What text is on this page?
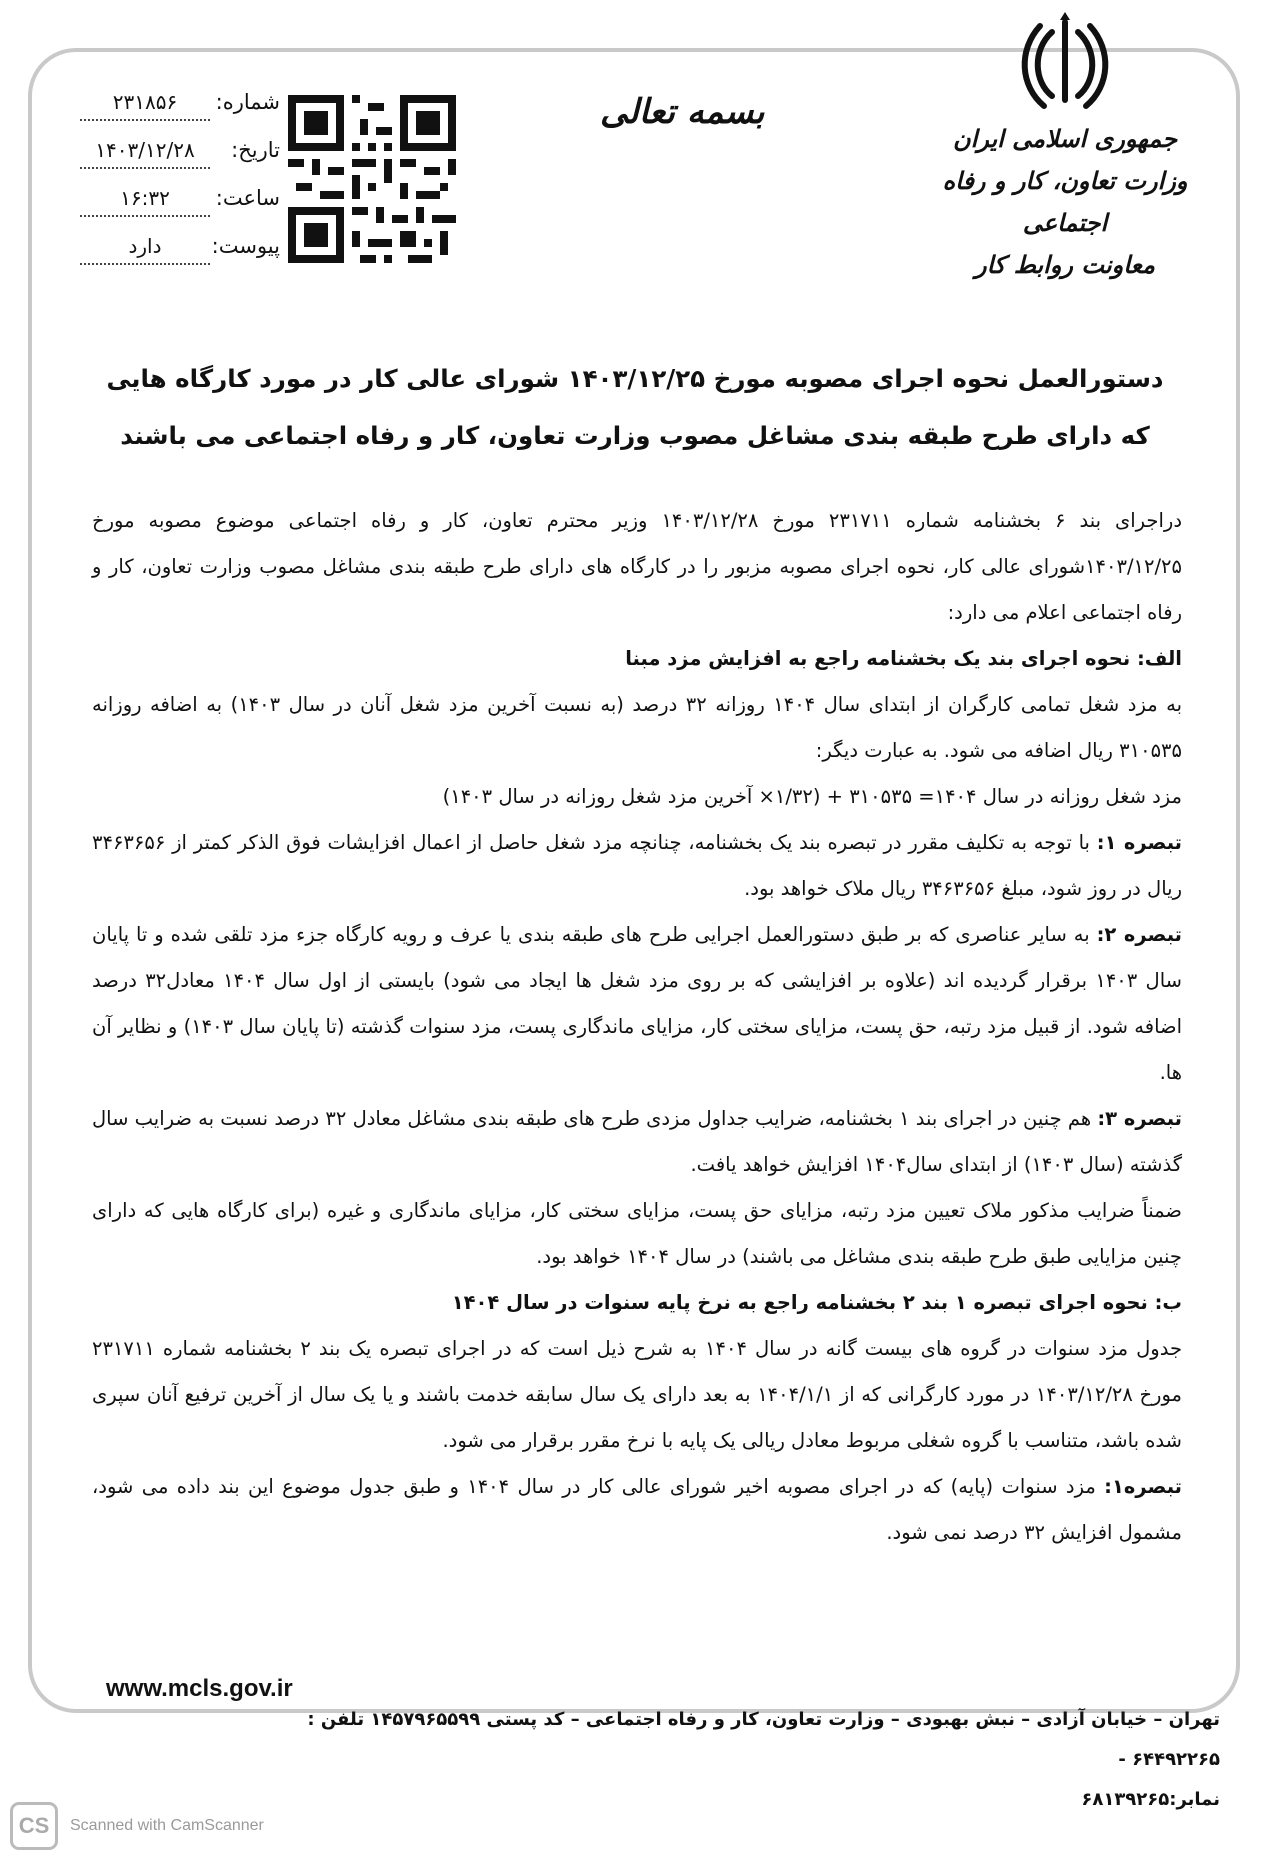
شماره:
۲۳۱۸۵۶
تاریخ:
۱۴۰۳/۱۲/۲۸
ساعت:
۱۶:۳۲
پیوست:
دارد
بسمه تعالی
جمهوری اسلامی ایران
وزارت تعاون، کار و رفاه اجتماعی
معاونت روابط کار
دستورالعمل نحوه اجرای مصوبه مورخ ۱۴۰۳/۱۲/۲۵ شورای عالی کار در مورد کارگاه هایی که دارای طرح طبقه بندی مشاغل مصوب وزارت تعاون، کار و رفاه اجتماعی می باشند

دراجرای بند ۶ بخشنامه شماره ۲۳۱۷۱۱ مورخ ۱۴۰۳/۱۲/۲۸ وزیر محترم تعاون، کار و رفاه اجتماعی موضوع مصوبه مورخ ۱۴۰۳/۱۲/۲۵شورای عالی کار، نحوه اجرای مصوبه مزبور را در کارگاه های دارای طرح طبقه بندی مشاغل مصوب وزارت تعاون، کار و رفاه اجتماعی اعلام می دارد:

الف: نحوه اجرای بند یک بخشنامه راجع به افزایش مزد مبنا

به مزد شغل تمامی کارگران از ابتدای سال ۱۴۰۴ روزانه ۳۲ درصد (به نسبت آخرین مزد شغل آنان در سال ۱۴۰۳) به اضافه روزانه ۳۱۰۵۳۵ ریال اضافه می شود. به عبارت دیگر:

مزد شغل روزانه در سال ۱۴۰۴= ۳۱۰۵۳۵ + (۱/۳۲× آخرین مزد شغل روزانه در سال ۱۴۰۳)

تبصره ۱: با توجه به تکلیف مقرر در تبصره بند یک بخشنامه، چنانچه مزد شغل حاصل از اعمال افزایشات فوق الذکر کمتر از ۳۴۶۳۶۵۶ ریال در روز شود، مبلغ ۳۴۶۳۶۵۶ ریال ملاک خواهد بود.

تبصره ۲: به سایر عناصری که بر طبق دستورالعمل اجرایی طرح های طبقه بندی یا عرف و رویه کارگاه جزء مزد تلقی شده و تا پایان سال ۱۴۰۳ برقرار گردیده اند (علاوه بر افزایشی که بر روی مزد شغل ها ایجاد می شود) بایستی از اول سال ۱۴۰۴ معادل۳۲ درصد اضافه شود. از قبیل مزد رتبه، حق پست، مزایای سختی کار، مزایای ماندگاری پست، مزد سنوات گذشته (تا پایان سال ۱۴۰۳) و نظایر آن ها.

تبصره ۳: هم چنین در اجرای بند ۱ بخشنامه، ضرایب جداول مزدی طرح های طبقه بندی مشاغل معادل ۳۲ درصد نسبت به ضرایب سال گذشته (سال ۱۴۰۳) از ابتدای سال۱۴۰۴ افزایش خواهد یافت.

ضمناً ضرایب مذکور ملاک تعیین مزد رتبه، مزایای حق پست، مزایای سختی کار، مزایای ماندگاری و غیره (برای کارگاه هایی که دارای چنین مزایایی طبق طرح طبقه بندی مشاغل می باشند) در سال ۱۴۰۴ خواهد بود.

ب: نحوه اجرای تبصره ۱ بند ۲ بخشنامه راجع به نرخ پایه سنوات در سال ۱۴۰۴

جدول مزد سنوات در گروه های بیست گانه در سال ۱۴۰۴ به شرح ذیل است که در اجرای تبصره یک بند ۲ بخشنامه شماره ۲۳۱۷۱۱ مورخ ۱۴۰۳/۱۲/۲۸ در مورد کارگرانی که از ۱۴۰۴/۱/۱ به بعد دارای یک سال سابقه خدمت باشند و یا یک سال از آخرین ترفیع آنان سپری شده باشد، متناسب با گروه شغلی مربوط معادل ریالی یک پایه با نرخ مقرر برقرار می شود.

تبصره۱: مزد سنوات (پایه) که در اجرای مصوبه اخیر شورای عالی کار در سال ۱۴۰۴ و طبق جدول موضوع این بند داده می شود، مشمول افزایش ۳۲ درصد نمی شود.

www.mcls.gov.ir
تهران – خیابان آزادی – نبش بهبودی – وزارت تعاون، کار و رفاه اجتماعی – کد پستی ۱۴۵۷۹۶۵۵۹۹ تلفن : ۶۴۴۹۲۲۶۵ -
نمابر:۶۸۱۳۹۲۶۵
CS	Scanned with CamScanner
